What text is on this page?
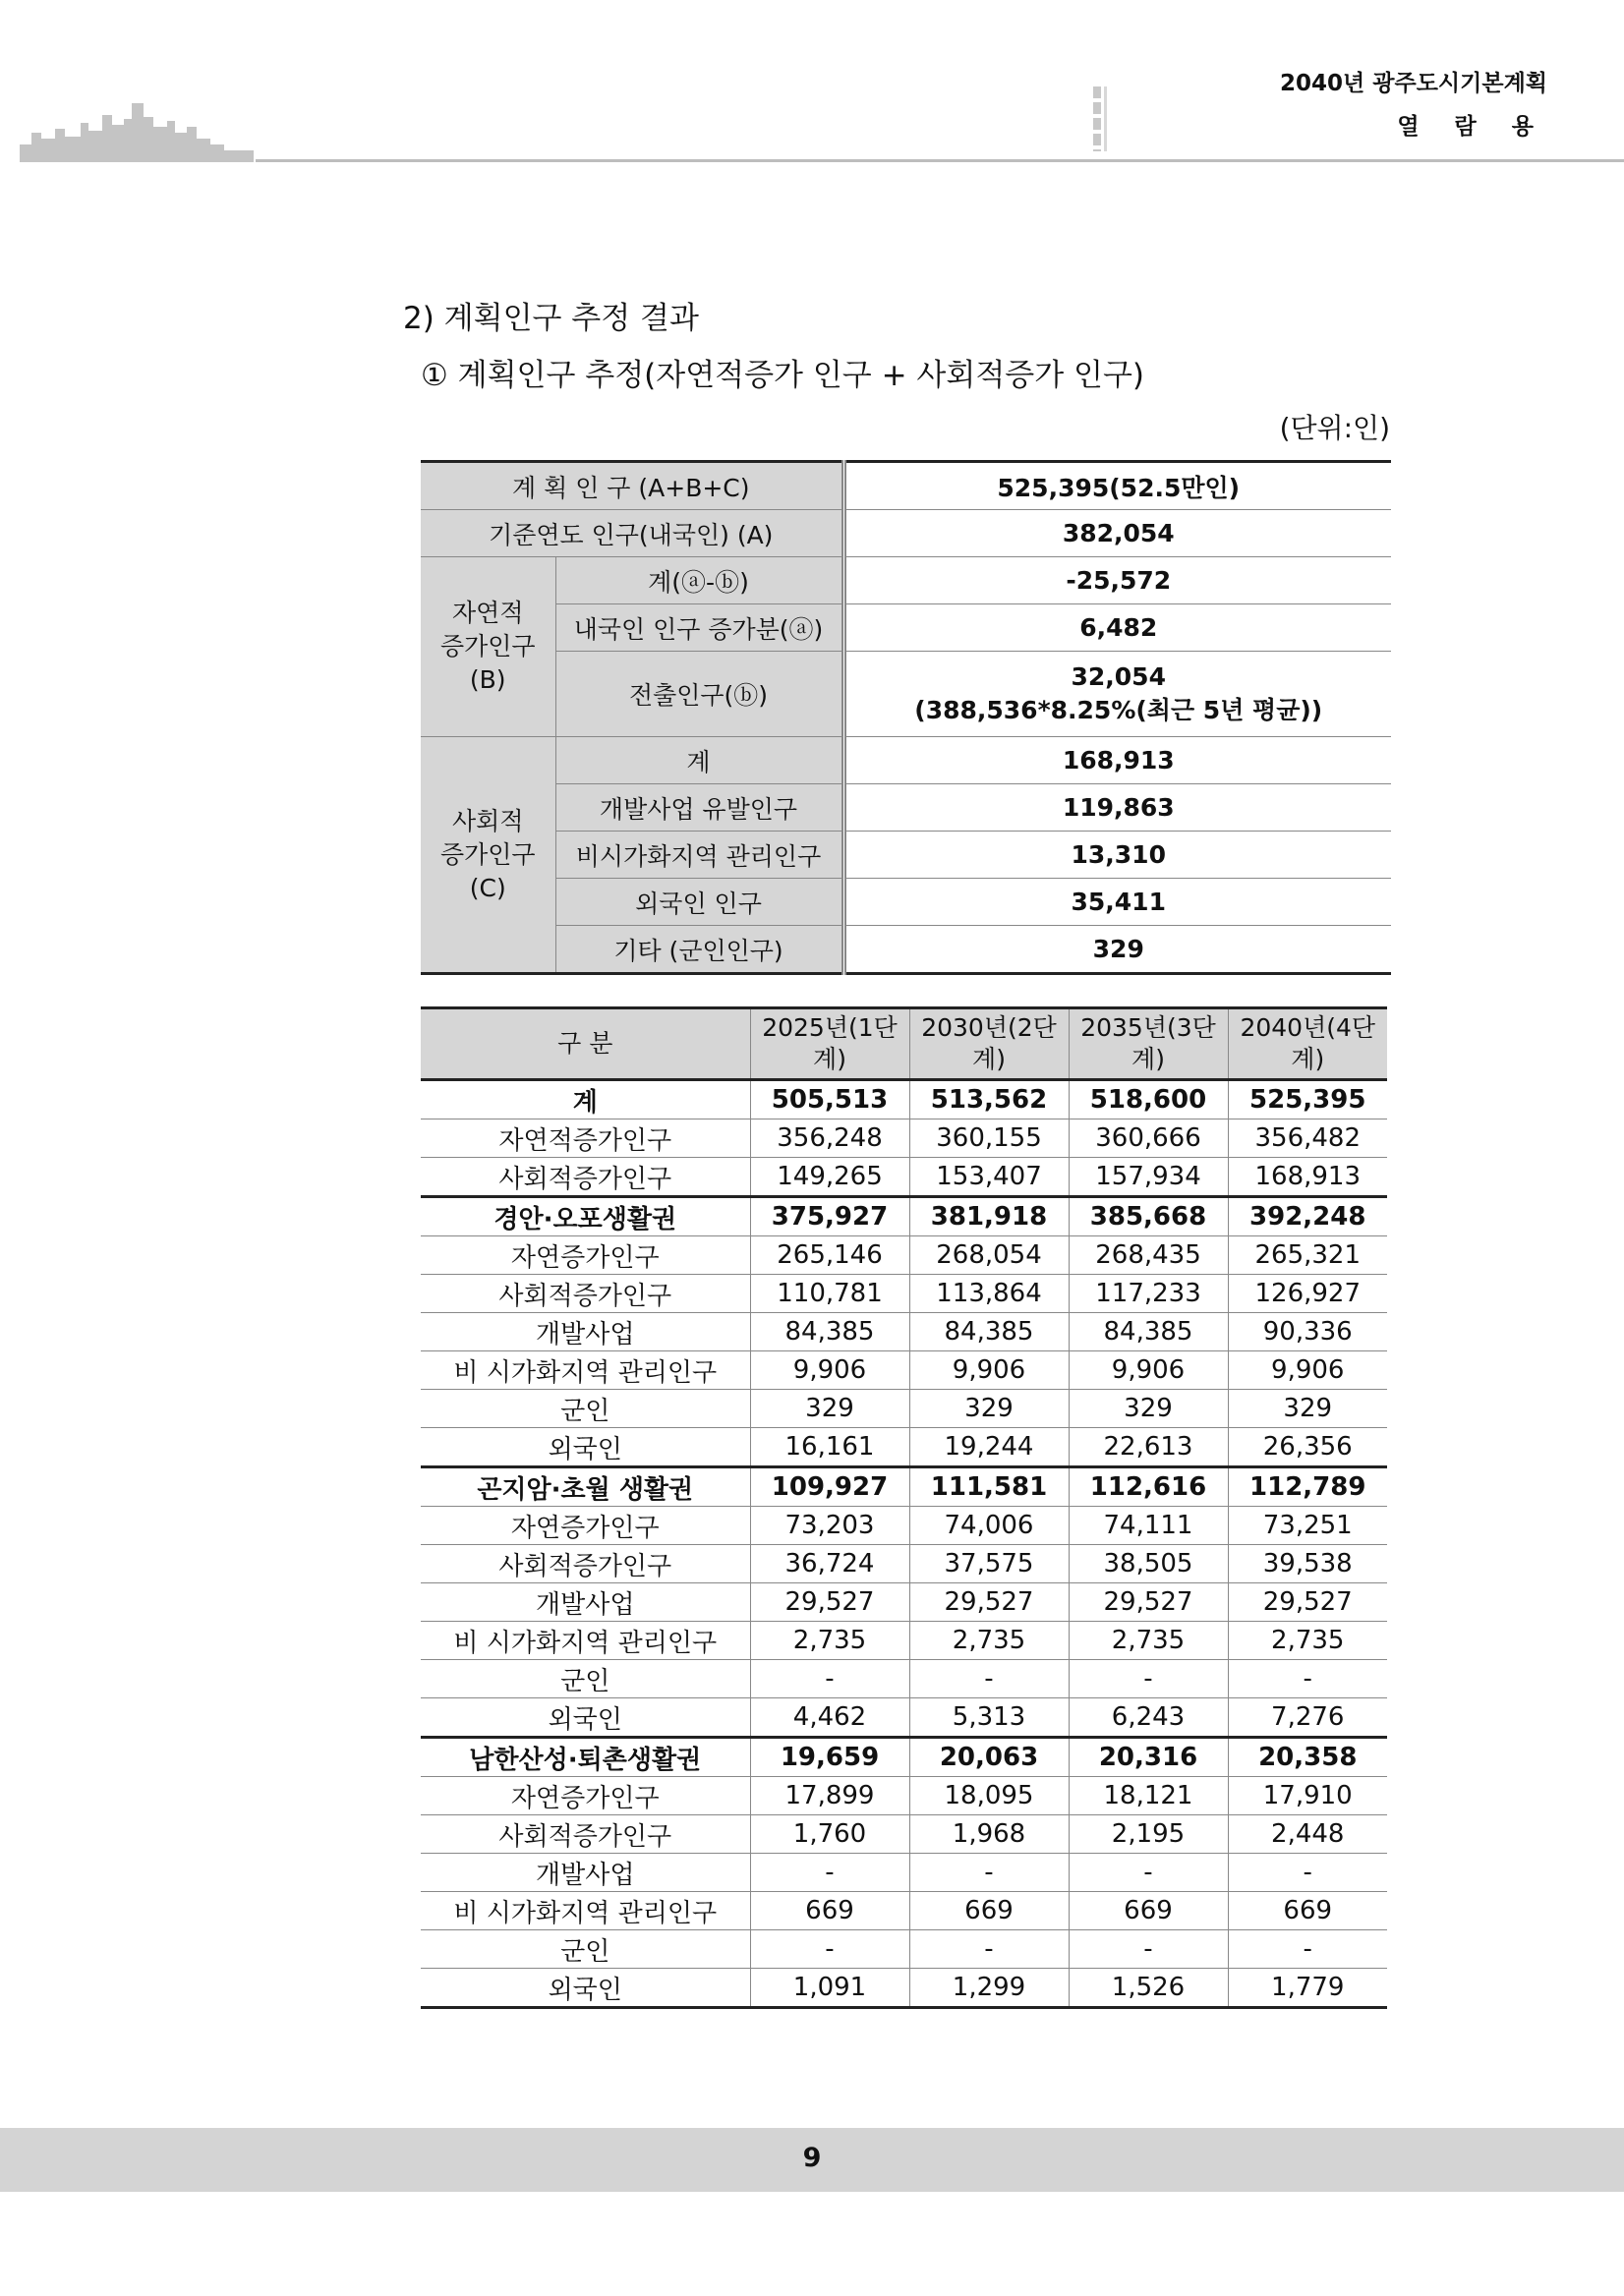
2040년 광주도시기본계획
열 람 용
2) 계획인구 추정 결과
① 계획인구 추정(자연적증가 인구 + 사회적증가 인구)
(단위:인)
계 획 인 구 (A+B+C)		525,395(52.5만인)
기준연도 인구(내국인) (A)		382,054

자연적
증가인구
(B)	계(ⓐ-ⓑ)	-25,572
	내국인 인구 증가분(ⓐ)	6,482
	전출인구(ⓑ)	32,054
(388,536*8.25%(최근 5년 평균))

사회적
증가인구
(C)	계	168,913
	개발사업 유발인구	119,863
	비시가화지역 관리인구	13,310
	외국인 인구	35,411
	기타 (군인인구)	329
구 분	2025년(1단계)	2030년(2단계)	2035년(3단계)	2040년(4단계)
계	505,513	513,562	518,600	525,395
자연적증가인구	356,248	360,155	360,666	356,482
사회적증가인구	149,265	153,407	157,934	168,913
경안·오포생활권	375,927	381,918	385,668	392,248
자연증가인구	265,146	268,054	268,435	265,321
사회적증가인구	110,781	113,864	117,233	126,927
개발사업	84,385	84,385	84,385	90,336
비 시가화지역 관리인구	9,906	9,906	9,906	9,906
군인	329	329	329	329
외국인	16,161	19,244	22,613	26,356
곤지암·초월 생활권	109,927	111,581	112,616	112,789
자연증가인구	73,203	74,006	74,111	73,251
사회적증가인구	36,724	37,575	38,505	39,538
개발사업	29,527	29,527	29,527	29,527
비 시가화지역 관리인구	2,735	2,735	2,735	2,735
군인	-	-	-	-
외국인	4,462	5,313	6,243	7,276
남한산성·퇴촌생활권	19,659	20,063	20,316	20,358
자연증가인구	17,899	18,095	18,121	17,910
사회적증가인구	1,760	1,968	2,195	2,448
개발사업	-	-	-	-
비 시가화지역 관리인구	669	669	669	669
군인	-	-	-	-
외국인	1,091	1,299	1,526	1,779
9
